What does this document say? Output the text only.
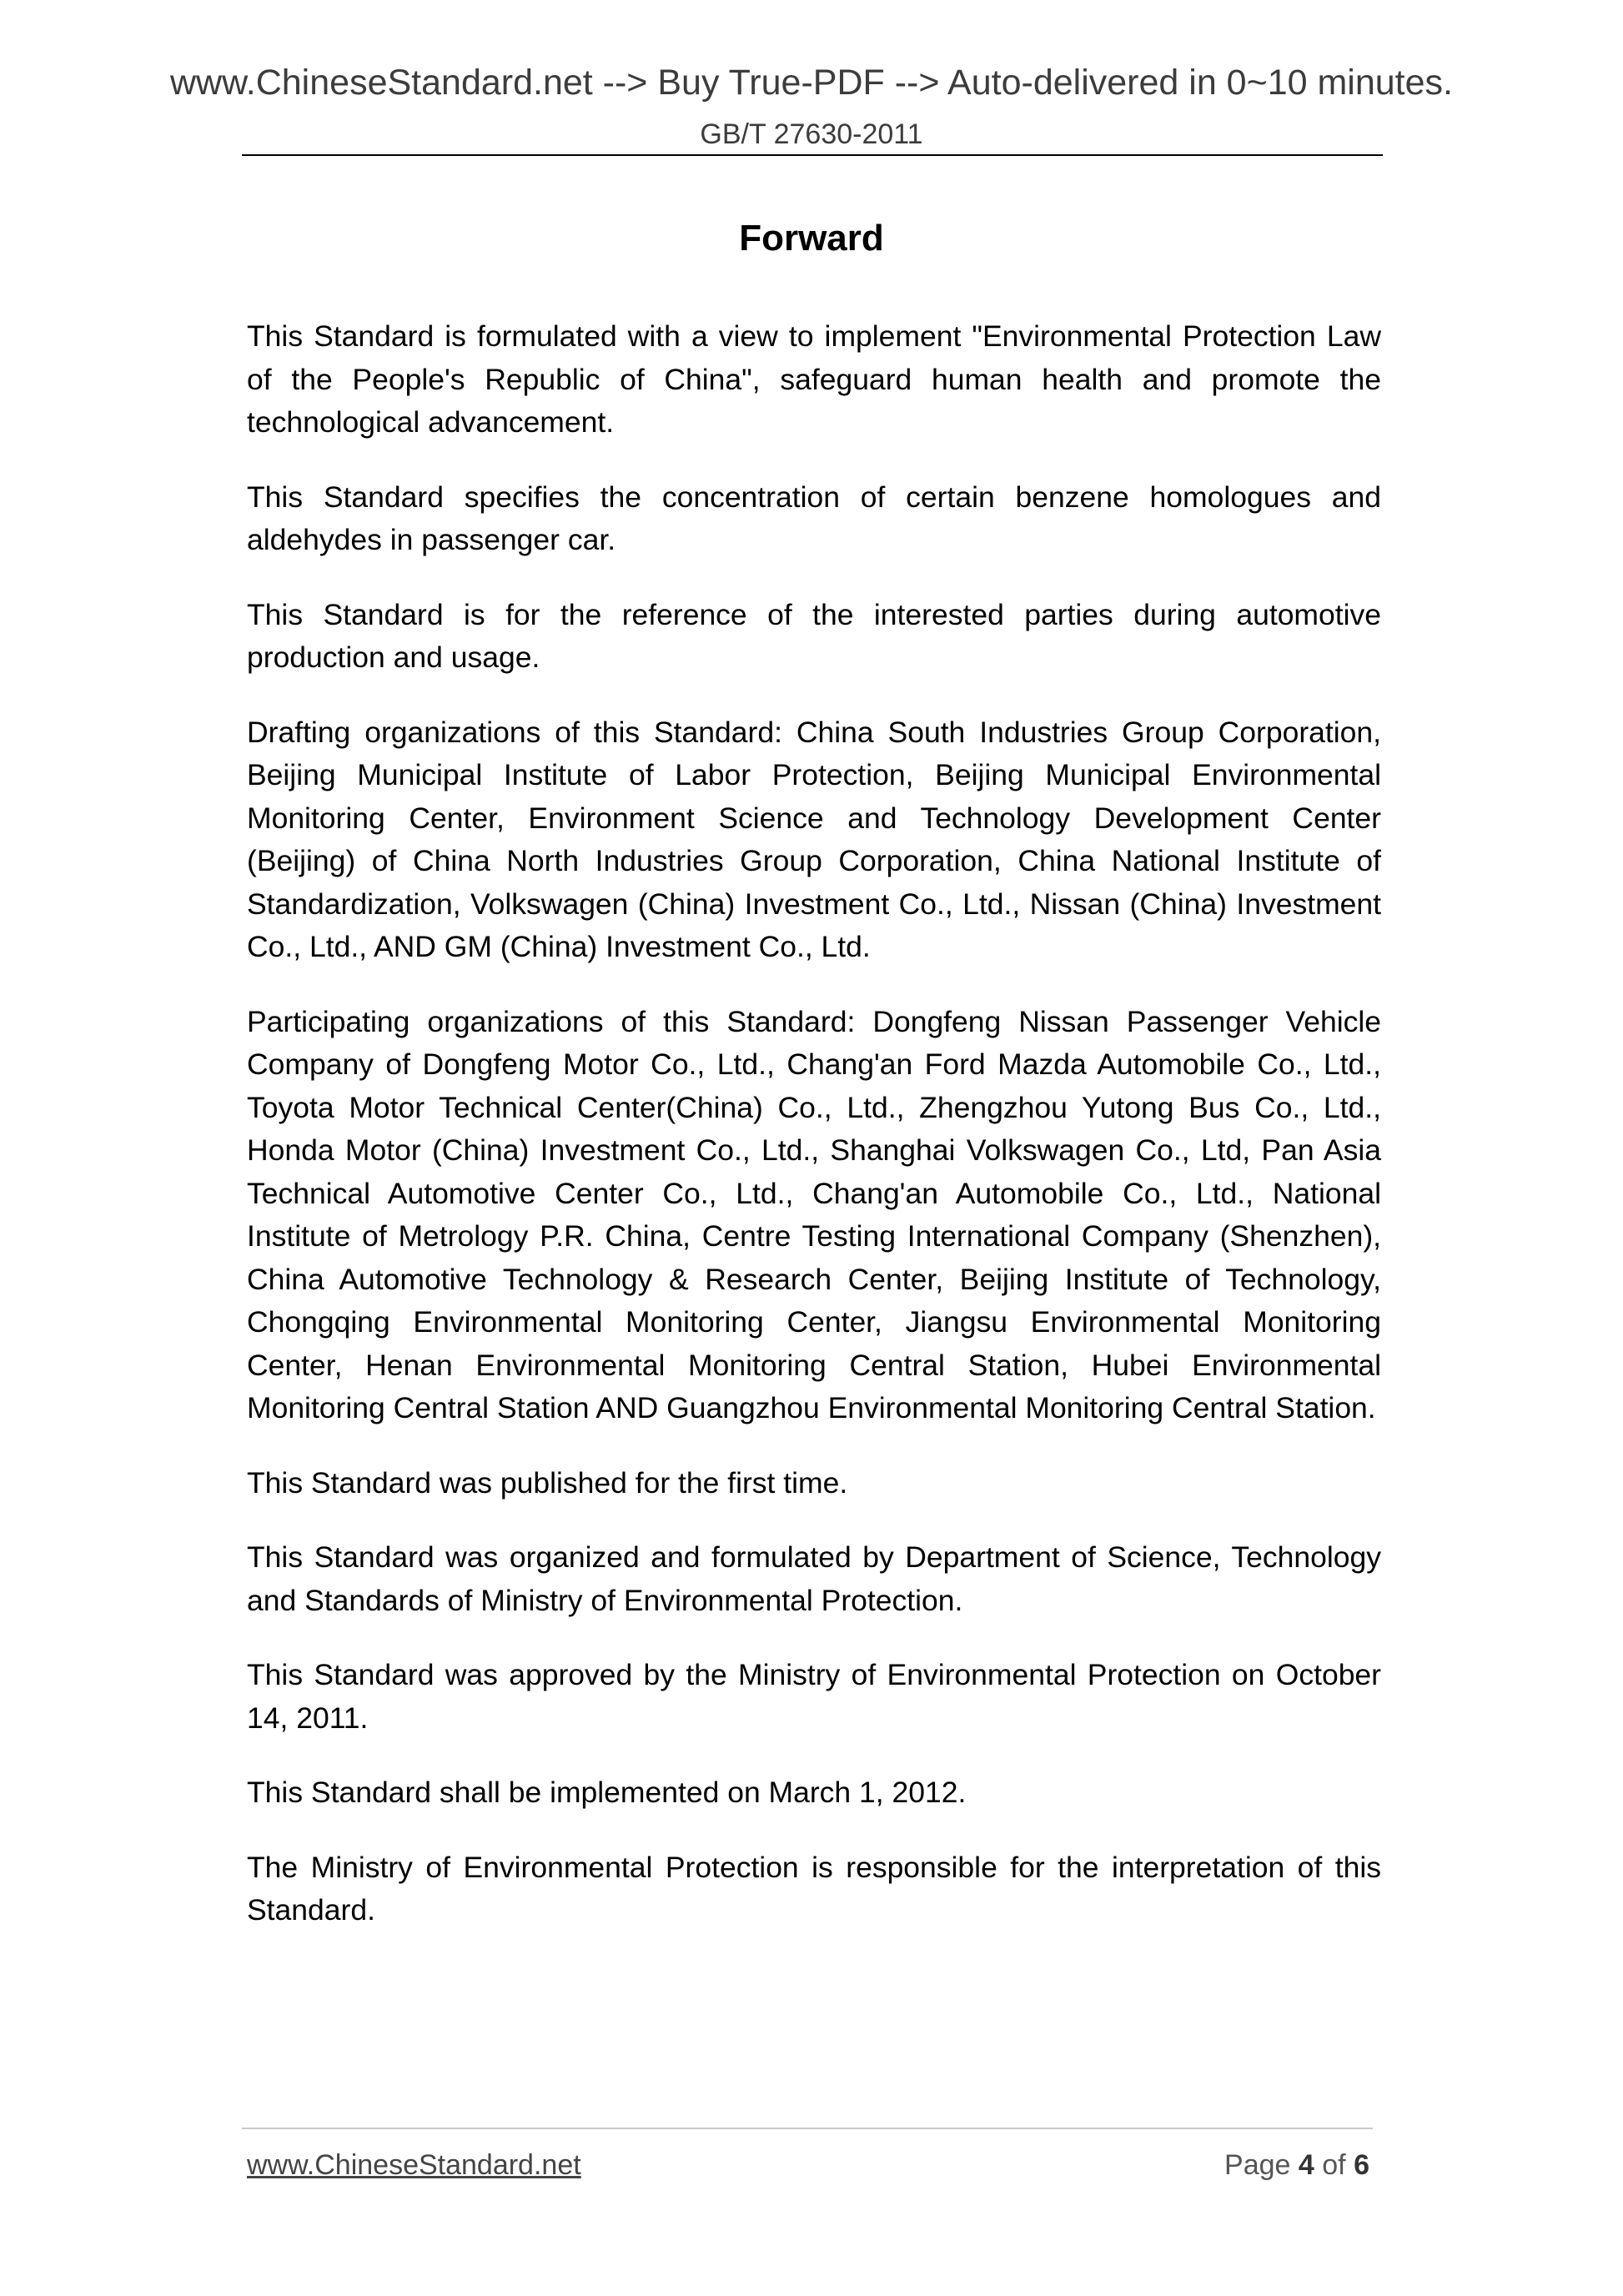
www.ChineseStandard.net --> Buy True-PDF --> Auto-delivered in 0~10 minutes.
GB/T 27630-2011
Forward

This Standard is formulated with a view to implement "Environmental Protection Law of the People's Republic of China", safeguard human health and promote the technological advancement.

This Standard specifies the concentration of certain benzene homologues and aldehydes in passenger car.

This Standard is for the reference of the interested parties during automotive production and usage.

Drafting organizations of this Standard: China South Industries Group Corporation, Beijing Municipal Institute of Labor Protection, Beijing Municipal Environmental Monitoring Center, Environment Science and Technology Development Center (Beijing) of China North Industries Group Corporation, China National Institute of Standardization, Volkswagen (China) Investment Co., Ltd., Nissan (China) Investment Co., Ltd., AND GM (China) Investment Co., Ltd.

Participating organizations of this Standard: Dongfeng Nissan Passenger Vehicle Company of Dongfeng Motor Co., Ltd., Chang'an Ford Mazda Automobile Co., Ltd., Toyota Motor Technical Center(China) Co., Ltd., Zhengzhou Yutong Bus Co., Ltd., Honda Motor (China) Investment Co., Ltd., Shanghai Volkswagen Co., Ltd, Pan Asia Technical Automotive Center Co., Ltd., Chang'an Automobile Co., Ltd., National Institute of Metrology P.R. China, Centre Testing International Company (Shenzhen), China Automotive Technology & Research Center, Beijing Institute of Technology, Chongqing Environmental Monitoring Center, Jiangsu Environmental Monitoring Center, Henan Environmental Monitoring Central Station, Hubei Environmental Monitoring Central Station AND Guangzhou Environmental Monitoring Central Station.

This Standard was published for the first time.

This Standard was organized and formulated by Department of Science, Technology and Standards of Ministry of Environmental Protection.

This Standard was approved by the Ministry of Environmental Protection on October 14, 2011.

This Standard shall be implemented on March 1, 2012.

The Ministry of Environmental Protection is responsible for the interpretation of this Standard.

www.ChineseStandard.net	Page 4 of 6
